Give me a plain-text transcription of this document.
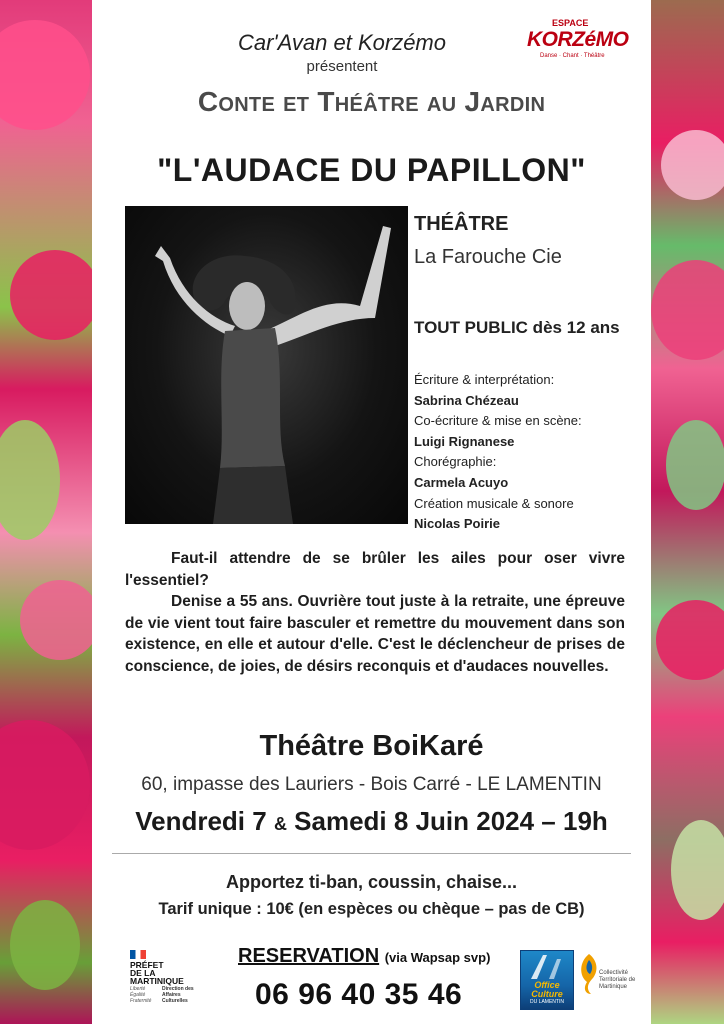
Car'Avan et Korzémo
présentent
ESPACE
KORZéMO
Danse · Chant · Théâtre
Conte et Théâtre au Jardin
"L'AUDACE DU PAPILLON"
THÉÂTRE
La Farouche Cie
TOUT PUBLIC dès 12 ans
Écriture & interprétation:
Sabrina Chézeau
Co-écriture & mise en scène:
Luigi Rignanese
Chorégraphie:
Carmela Acuyo
Création musicale & sonore
Nicolas Poirie

Faut-il attendre de se brûler les ailes pour oser vivre l'essentiel?

Denise a 55 ans. Ouvrière tout juste à la retraite, une épreuve de vie vient tout faire basculer et remettre du mouvement dans son existence, en elle et autour d'elle. C'est le déclencheur de prises de conscience, de joies, de désirs reconquis et d'audaces nouvelles.

Théâtre BoiKaré
60, impasse des Lauriers - Bois Carré - LE LAMENTIN
Vendredi 7 & Samedi 8 Juin 2024 – 19h
Apportez ti-ban, coussin, chaise...
Tarif unique : 10€ (en espèces ou chèque – pas de CB)
PRÉFET
DE LA
MARTINIQUE
Liberté Égalité Fraternité
Direction des Affaires Culturelles
RESERVATION (via Wapsap svp)
06 96 40 35 46	Office Culture
DU LAMENTIN
Collectivité Territoriale de Martinique
